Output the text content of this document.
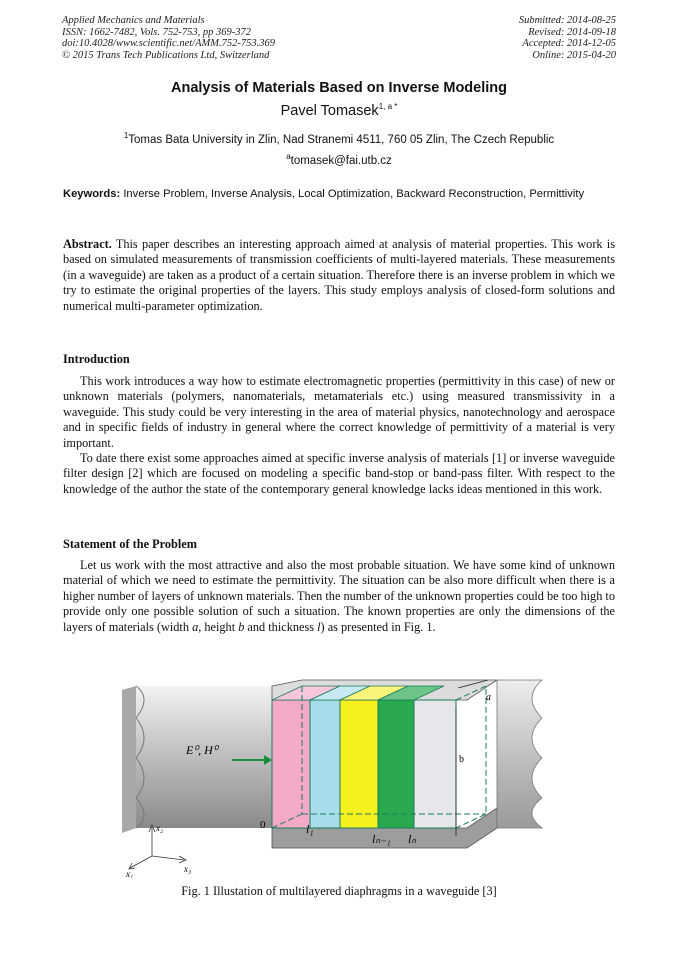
Applied Mechanics and Materials
ISSN: 1662-7482, Vols. 752-753, pp 369-372
doi:10.4028/www.scientific.net/AMM.752-753.369
© 2015 Trans Tech Publications Ltd, Switzerland
Submitted: 2014-08-25
Revised: 2014-09-18
Accepted: 2014-12-05
Online: 2015-04-20
Analysis of Materials Based on Inverse Modeling
Pavel Tomasek$^{1, a *}$
$^1$Tomas Bata University in Zlin, Nad Stranemi 4511, 760 05 Zlin, The Czech Republic
$^a$tomasek@fai.utb.cz
Keywords: Inverse Problem, Inverse Analysis, Local Optimization, Backward Reconstruction, Permittivity

Abstract. This paper describes an interesting approach aimed at analysis of material properties. This work is based on simulated measurements of transmission coefficients of multi-layered materials. These measurements (in a waveguide) are taken as a product of a certain situation. Therefore there is an inverse problem in which we try to estimate the original properties of the layers. This study employs analysis of closed-form solutions and numerical multi-parameter optimization.

Introduction

This work introduces a way how to estimate electromagnetic properties (permittivity in this case) of new or unknown materials (polymers, nanomaterials, metamaterials etc.) using measured transmissivity in a waveguide. This study could be very interesting in the area of material physics, nanotechnology and aerospace and in specific fields of industry in general where the correct knowledge of permittivity of a material is very important.

To date there exist some approaches aimed at specific inverse analysis of materials [1] or inverse waveguide filter design [2] which are focused on modeling a specific band-stop or band-pass filter. With respect to the knowledge of the author the state of the contemporary general knowledge lacks ideas mentioned in this work.

Statement of the Problem

Let us work with the most attractive and also the most probable situation. We have some kind of unknown material of which we need to estimate the permittivity. The situation can be also more difficult when there is a higher number of layers of unknown materials. Then the number of the unknown properties could be too high to provide only one possible solution of such a situation. The known properties are only the dimensions of the layers of materials (width a, height b and thickness l) as presented in Fig. 1.

b
a
E⁰, H⁰
0	l₁
lₙ₋₁ lₙ
x₂
x₃
x₁
Fig. 1 Illustation of multilayered diaphragms in a waveguide [3]
